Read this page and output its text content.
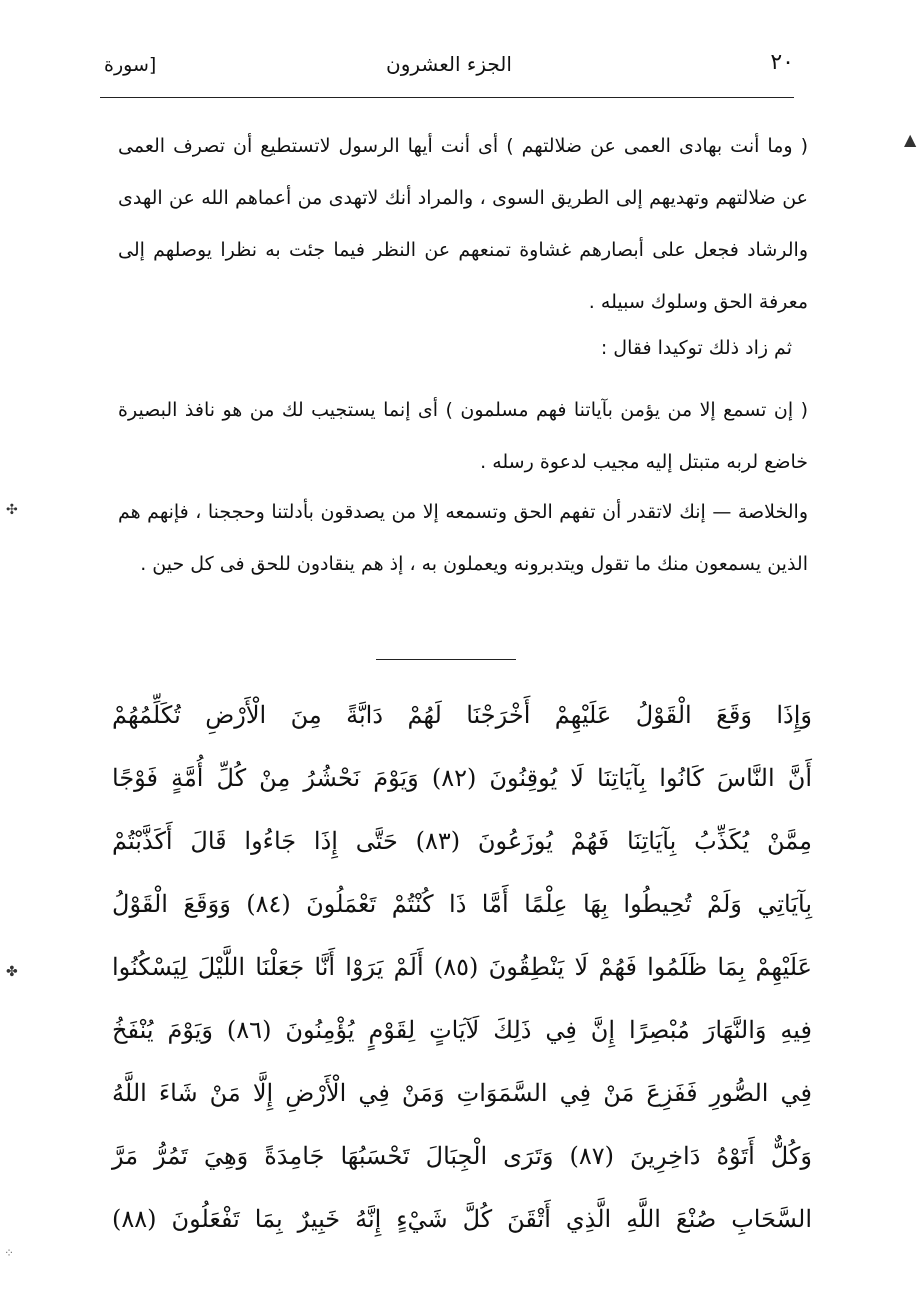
٢٠
الجزء العشرون
[سورة

( وما أنت بهادى العمى عن ضلالتهم ) أى أنت أيها الرسول لاتستطيع أن تصرف العمى عن ضلالتهم وتهديهم إلى الطريق السوى ، والمراد أنك لاتهدى من أعماهم الله عن الهدى والرشاد فجعل على أبصارهم غشاوة تمنعهم عن النظر فيما جئت به نظرا يوصلهم إلى معرفة الحق وسلوك سبيله .

ثم زاد ذلك توكيدا فقال :

( إن تسمع إلا من يؤمن بآياتنا فهم مسلمون ) أى إنما يستجيب لك من هو نافذ البصيرة خاضع لربه متبتل إليه مجيب لدعوة رسله .

والخلاصة — إنك لاتقدر أن تفهم الحق وتسمعه إلا من يصدقون بأدلتنا وحججنا ، فإنهم هم الذين يسمعون منك ما تقول ويتدبرونه ويعملون به ، إذ هم ينقادون للحق فى كل حين .

وَإِذَا وَقَعَ الْقَوْلُ عَلَيْهِمْ أَخْرَجْنَا لَهُمْ دَابَّةً مِنَ الْأَرْضِ تُكَلِّمُهُمْ
أَنَّ النَّاسَ كَانُوا بِآيَاتِنَا لَا يُوقِنُونَ (٨٢) وَيَوْمَ نَحْشُرُ مِنْ كُلِّ أُمَّةٍ فَوْجًا
مِمَّنْ يُكَذِّبُ بِآيَاتِنَا فَهُمْ يُوزَعُونَ (٨٣) حَتَّى إِذَا جَاءُوا قَالَ أَكَذَّبْتُمْ
بِآيَاتِي وَلَمْ تُحِيطُوا بِهَا عِلْمًا أَمَّا ذَا كُنْتُمْ تَعْمَلُونَ (٨٤) وَوَقَعَ الْقَوْلُ
عَلَيْهِمْ بِمَا ظَلَمُوا فَهُمْ لَا يَنْطِقُونَ (٨٥) أَلَمْ يَرَوْا أَنَّا جَعَلْنَا اللَّيْلَ لِيَسْكُنُوا
فِيهِ وَالنَّهَارَ مُبْصِرًا إِنَّ فِي ذَلِكَ لَآيَاتٍ لِقَوْمٍ يُؤْمِنُونَ (٨٦) وَيَوْمَ يُنْفَخُ
فِي الصُّورِ فَفَزِعَ مَنْ فِي السَّمَوَاتِ وَمَنْ فِي الْأَرْضِ إِلَّا مَنْ شَاءَ اللَّهُ
وَكُلٌّ أَتَوْهُ دَاخِرِينَ (٨٧) وَتَرَى الْجِبَالَ تَحْسَبُهَا جَامِدَةً وَهِيَ تَمُرُّ مَرَّ
السَّحَابِ صُنْعَ اللَّهِ الَّذِي أَتْقَنَ كُلَّ شَيْءٍ إِنَّهُ خَبِيرٌ بِمَا تَفْعَلُونَ (٨٨)
▲
✣
✤
⁘
